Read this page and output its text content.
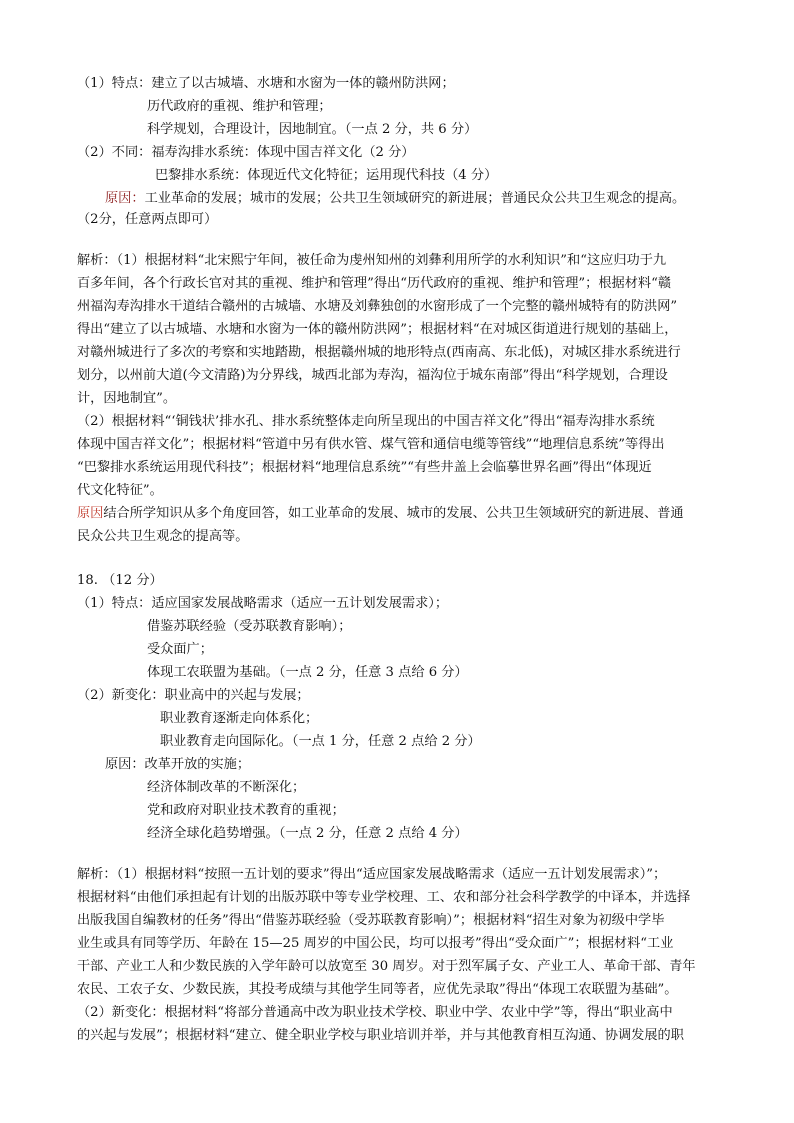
（1）特点：建立了以古城墙、水塘和水窗为一体的赣州防洪网；
历代政府的重视、维护和管理；
科学规划，合理设计，因地制宜。（一点 2 分，共 6 分）
（2）不同：福寿沟排水系统：体现中国吉祥文化（2 分）
巴黎排水系统：体现近代文化特征；运用现代科技（4 分）
原因：工业革命的发展；城市的发展；公共卫生领域研究的新进展；普通民众公共卫生观念的提高。
（2分，任意两点即可）
解析：（1）根据材料“北宋熙宁年间，被任命为虔州知州的刘彝利用所学的水利知识”和“这应归功于九
百多年间，各个行政长官对其的重视、维护和管理”得出“历代政府的重视、维护和管理”；根据材料“赣
州福沟寿沟排水干道结合赣州的古城墙、水塘及刘彝独创的水窗形成了一个完整的赣州城特有的防洪网”
得出“建立了以古城墙、水塘和水窗为一体的赣州防洪网”；根据材料“在对城区街道进行规划的基础上，
对赣州城进行了多次的考察和实地踏勘，根据赣州城的地形特点(西南高、东北低)，对城区排水系统进行
划分，以州前大道(今文清路)为分界线，城西北部为寿沟，福沟位于城东南部”得出“科学规划，合理设
计，因地制宜”。
（2）根据材料“‘铜钱状’排水孔、排水系统整体走向所呈现出的中国吉祥文化”得出“福寿沟排水系统
体现中国吉祥文化”；根据材料“管道中另有供水管、煤气管和通信电缆等管线”“地理信息系统”等得出
“巴黎排水系统运用现代科技”；根据材料“地理信息系统”“有些井盖上会临摹世界名画”得出“体现近
代文化特征”。
原因结合所学知识从多个角度回答，如工业革命的发展、城市的发展、公共卫生领域研究的新进展、普通
民众公共卫生观念的提高等。
18. （12 分）
（1）特点：适应国家发展战略需求（适应一五计划发展需求）；
借鉴苏联经验（受苏联教育影响）；
受众面广；
体现工农联盟为基础。（一点 2 分，任意 3 点给 6 分）
（2）新变化：职业高中的兴起与发展；
职业教育逐渐走向体系化；
职业教育走向国际化。（一点 1 分，任意 2 点给 2 分）
原因：改革开放的实施；
经济体制改革的不断深化；
党和政府对职业技术教育的重视；
经济全球化趋势增强。（一点 2 分，任意 2 点给 4 分）
解析：（1）根据材料“按照一五计划的要求”得出“适应国家发展战略需求（适应一五计划发展需求）”；
根据材料“由他们承担起有计划的出版苏联中等专业学校理、工、农和部分社会科学教学的中译本，并选择
出版我国自编教材的任务”得出“借鉴苏联经验（受苏联教育影响）”；根据材料“招生对象为初级中学毕
业生或具有同等学历、年龄在 15—25 周岁的中国公民，均可以报考”得出“受众面广”；根据材料“工业
干部、产业工人和少数民族的入学年龄可以放宽至 30 周岁。对于烈军属子女、产业工人、革命干部、青年
农民、工农子女、少数民族，其投考成绩与其他学生同等者，应优先录取”得出“体现工农联盟为基础”。
（2）新变化：根据材料“将部分普通高中改为职业技术学校、职业中学、农业中学”等，得出“职业高中
的兴起与发展”；根据材料“建立、健全职业学校与职业培训并举，并与其他教育相互沟通、协调发展的职
